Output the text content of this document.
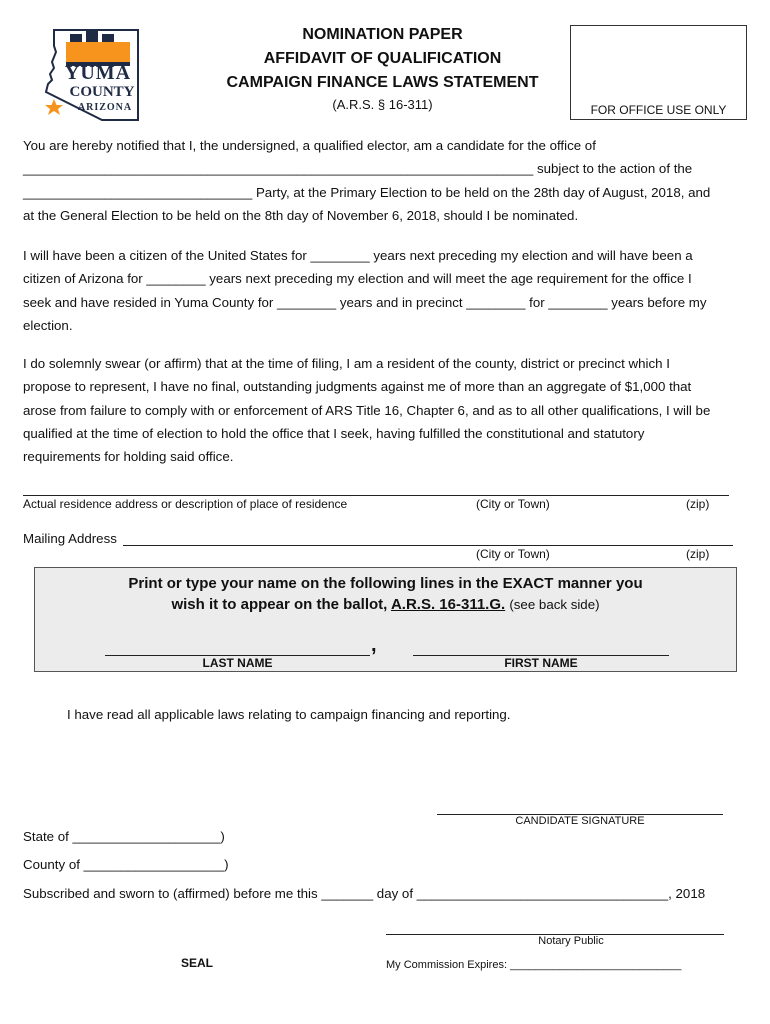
YUMA
COUNTY
ARIZONA
NOMINATION PAPER
AFFIDAVIT OF QUALIFICATION
CAMPAIGN FINANCE LAWS STATEMENT
(A.R.S. § 16-311)	FOR OFFICE USE ONLY
You are hereby notified that I, the undersigned, a qualified elector, am a candidate for the office of
_____________________________________________________________________ subject to the action of the
_______________________________ Party, at the Primary Election to be held on the 28th day of August, 2018, and
at the General Election to be held on the 8th day of November 6, 2018, should I be nominated.
I will have been a citizen of the United States for ________ years next preceding my election and will have been a
citizen of Arizona for ________ years next preceding my election and will meet the age requirement for the office I
seek and have resided in Yuma County for ________ years and in precinct ________ for ________ years before my
election.
I do solemnly swear (or affirm) that at the time of filing, I am a resident of the county, district or precinct which I
propose to represent, I have no final, outstanding judgments against me of more than an aggregate of $1,000 that
arose from failure to comply with or enforcement of ARS Title 16, Chapter 6, and as to all other qualifications, I will be
qualified at the time of election to hold the office that I seek, having fulfilled the constitutional and statutory
requirements for holding said office.
Actual residence address or description of place of residence	(City or Town)	(zip)
Mailing Address
(City or Town)	(zip)
Print or type your name on the following lines in the EXACT manner you
wish it to appear on the ballot, A.R.S. 16-311.G. (see back side)
,
LAST NAME	FIRST NAME
I have read all applicable laws relating to campaign financing and reporting.
CANDIDATE SIGNATURE
State of ____________________)
County of ___________________)
Subscribed and sworn to (affirmed) before me this _______ day of __________________________________, 2018
Notary Public
SEAL	My Commission Expires: ____________________________
